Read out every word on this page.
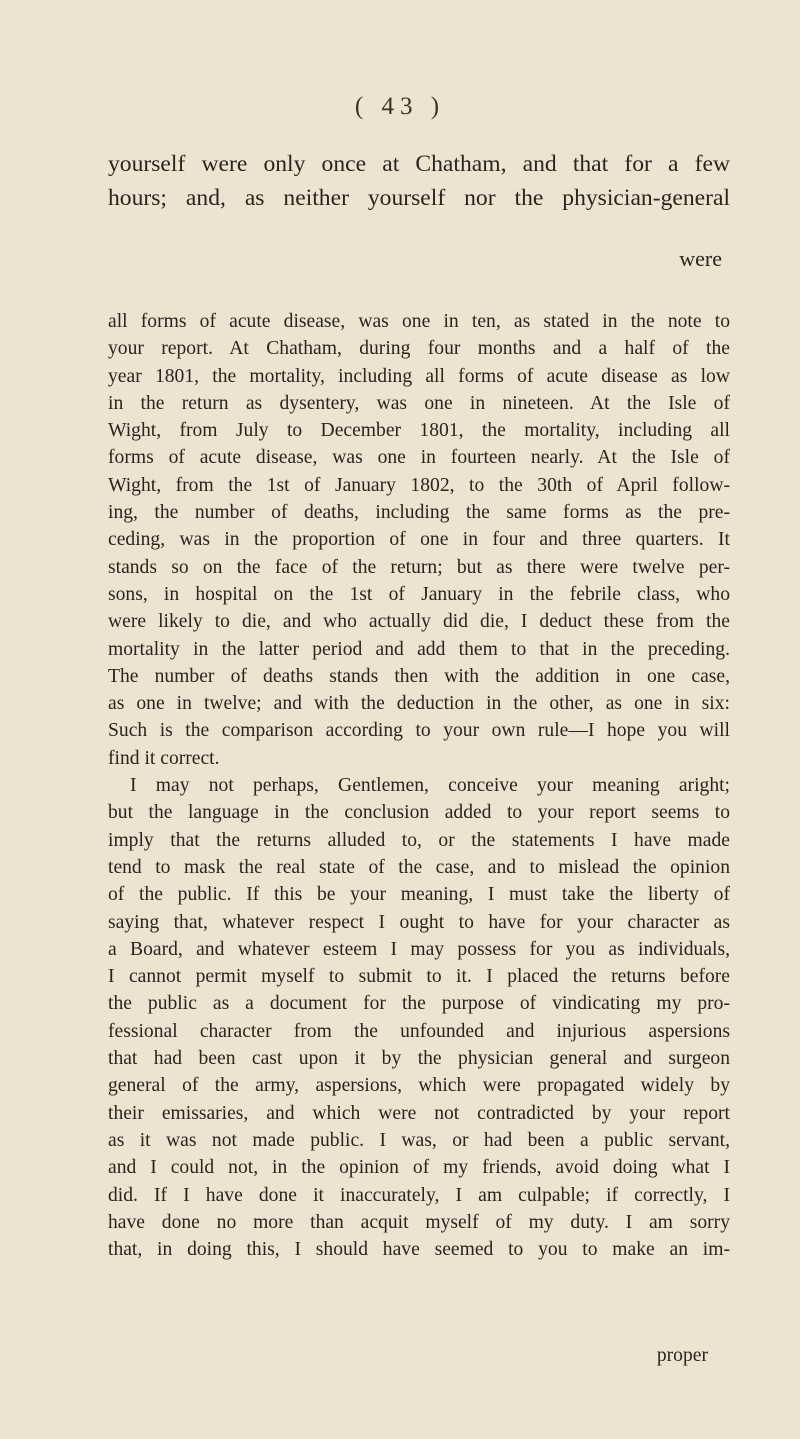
( 43 )
yourself were only once at Chatham, and that for a few
hours; and, as neither yourself nor the physician-general
were
all forms of acute disease, was one in ten, as stated in the note to
your report. At Chatham, during four months and a half of the
year 1801, the mortality, including all forms of acute disease as low
in the return as dysentery, was one in nineteen. At the Isle of
Wight, from July to December 1801, the mortality, including all
forms of acute disease, was one in fourteen nearly. At the Isle of
Wight, from the 1st of January 1802, to the 30th of April follow-
ing, the number of deaths, including the same forms as the pre-
ceding, was in the proportion of one in four and three quarters. It
stands so on the face of the return; but as there were twelve per-
sons, in hospital on the 1st of January in the febrile class, who
were likely to die, and who actually did die, I deduct these from the
mortality in the latter period and add them to that in the preceding.
The number of deaths stands then with the addition in one case,
as one in twelve; and with the deduction in the other, as one in six:
Such is the comparison according to your own rule—I hope you will
find it correct.
I may not perhaps, Gentlemen, conceive your meaning aright;
but the language in the conclusion added to your report seems to
imply that the returns alluded to, or the statements I have made
tend to mask the real state of the case, and to mislead the opinion
of the public. If this be your meaning, I must take the liberty of
saying that, whatever respect I ought to have for your character as
a Board, and whatever esteem I may possess for you as individuals,
I cannot permit myself to submit to it. I placed the returns before
the public as a document for the purpose of vindicating my pro-
fessional character from the unfounded and injurious aspersions
that had been cast upon it by the physician general and surgeon
general of the army, aspersions, which were propagated widely by
their emissaries, and which were not contradicted by your report
as it was not made public. I was, or had been a public servant,
and I could not, in the opinion of my friends, avoid doing what I
did. If I have done it inaccurately, I am culpable; if correctly, I
have done no more than acquit myself of my duty. I am sorry
that, in doing this, I should have seemed to you to make an im-
proper
